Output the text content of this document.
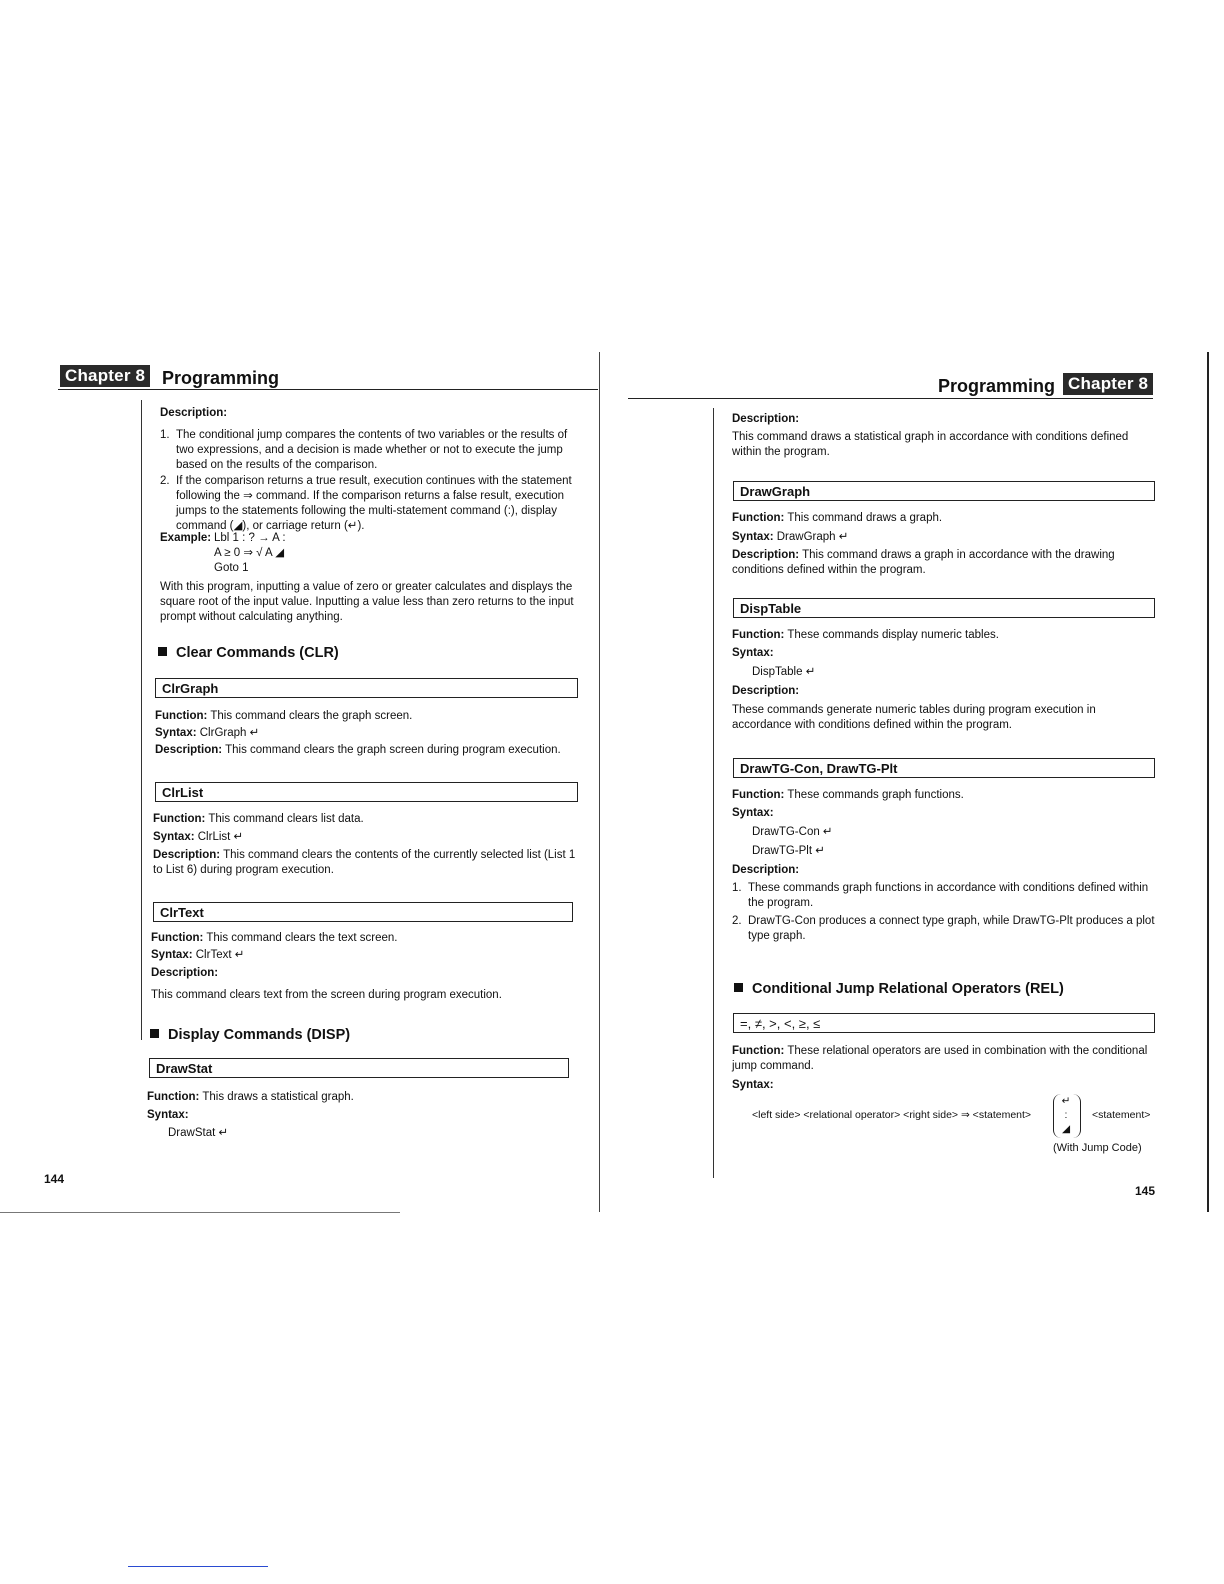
Chapter 8 Programming
Description:
1. The conditional jump compares the contents of two variables or the results of two expressions, and a decision is made whether or not to execute the jump based on the results of the comparison.
2. If the comparison returns a true result, execution continues with the statement following the ⇒ command. If the comparison returns a false result, execution jumps to the statements following the multi-statement command (:), display command (◢), or carriage return (↵).
Example: Lbl 1 : ? → A :
A ≥ 0 ⇒ √ A ◢
Goto 1
With this program, inputting a value of zero or greater calculates and displays the square root of the input value. Inputting a value less than zero returns to the input prompt without calculating anything.
Clear Commands (CLR)
ClrGraph
Function: This command clears the graph screen.
Syntax: ClrGraph ↵
Description: This command clears the graph screen during program execution.
ClrList
Function: This command clears list data.
Syntax: ClrList ↵
Description: This command clears the contents of the currently selected list (List 1 to List 6) during program execution.
ClrText
Function: This command clears the text screen.
Syntax: ClrText ↵
Description:
This command clears text from the screen during program execution.
Display Commands (DISP)
DrawStat
Function: This draws a statistical graph.
Syntax:
DrawStat ↵
144
Programming Chapter 8
Description:
This command draws a statistical graph in accordance with conditions defined within the program.
DrawGraph
Function: This command draws a graph.
Syntax: DrawGraph ↵
Description: This command draws a graph in accordance with the drawing conditions defined within the program.
DispTable
Function: These commands display numeric tables.
Syntax:
DispTable ↵
Description:
These commands generate numeric tables during program execution in accordance with conditions defined within the program.
DrawTG-Con, DrawTG-Plt
Function: These commands graph functions.
Syntax:
DrawTG-Con ↵
DrawTG-Plt ↵
Description:
1. These commands graph functions in accordance with conditions defined within the program.
2. DrawTG-Con produces a connect type graph, while DrawTG-Plt produces a plot type graph.
Conditional Jump Relational Operators (REL)
=, ≠, >, <, ≥, ≤
Function: These relational operators are used in combination with the conditional jump command.
Syntax:
<left side> <relational operator> <right side> ⇒ <statement>
↵
:
◢
<statement>
(With Jump Code)
145
